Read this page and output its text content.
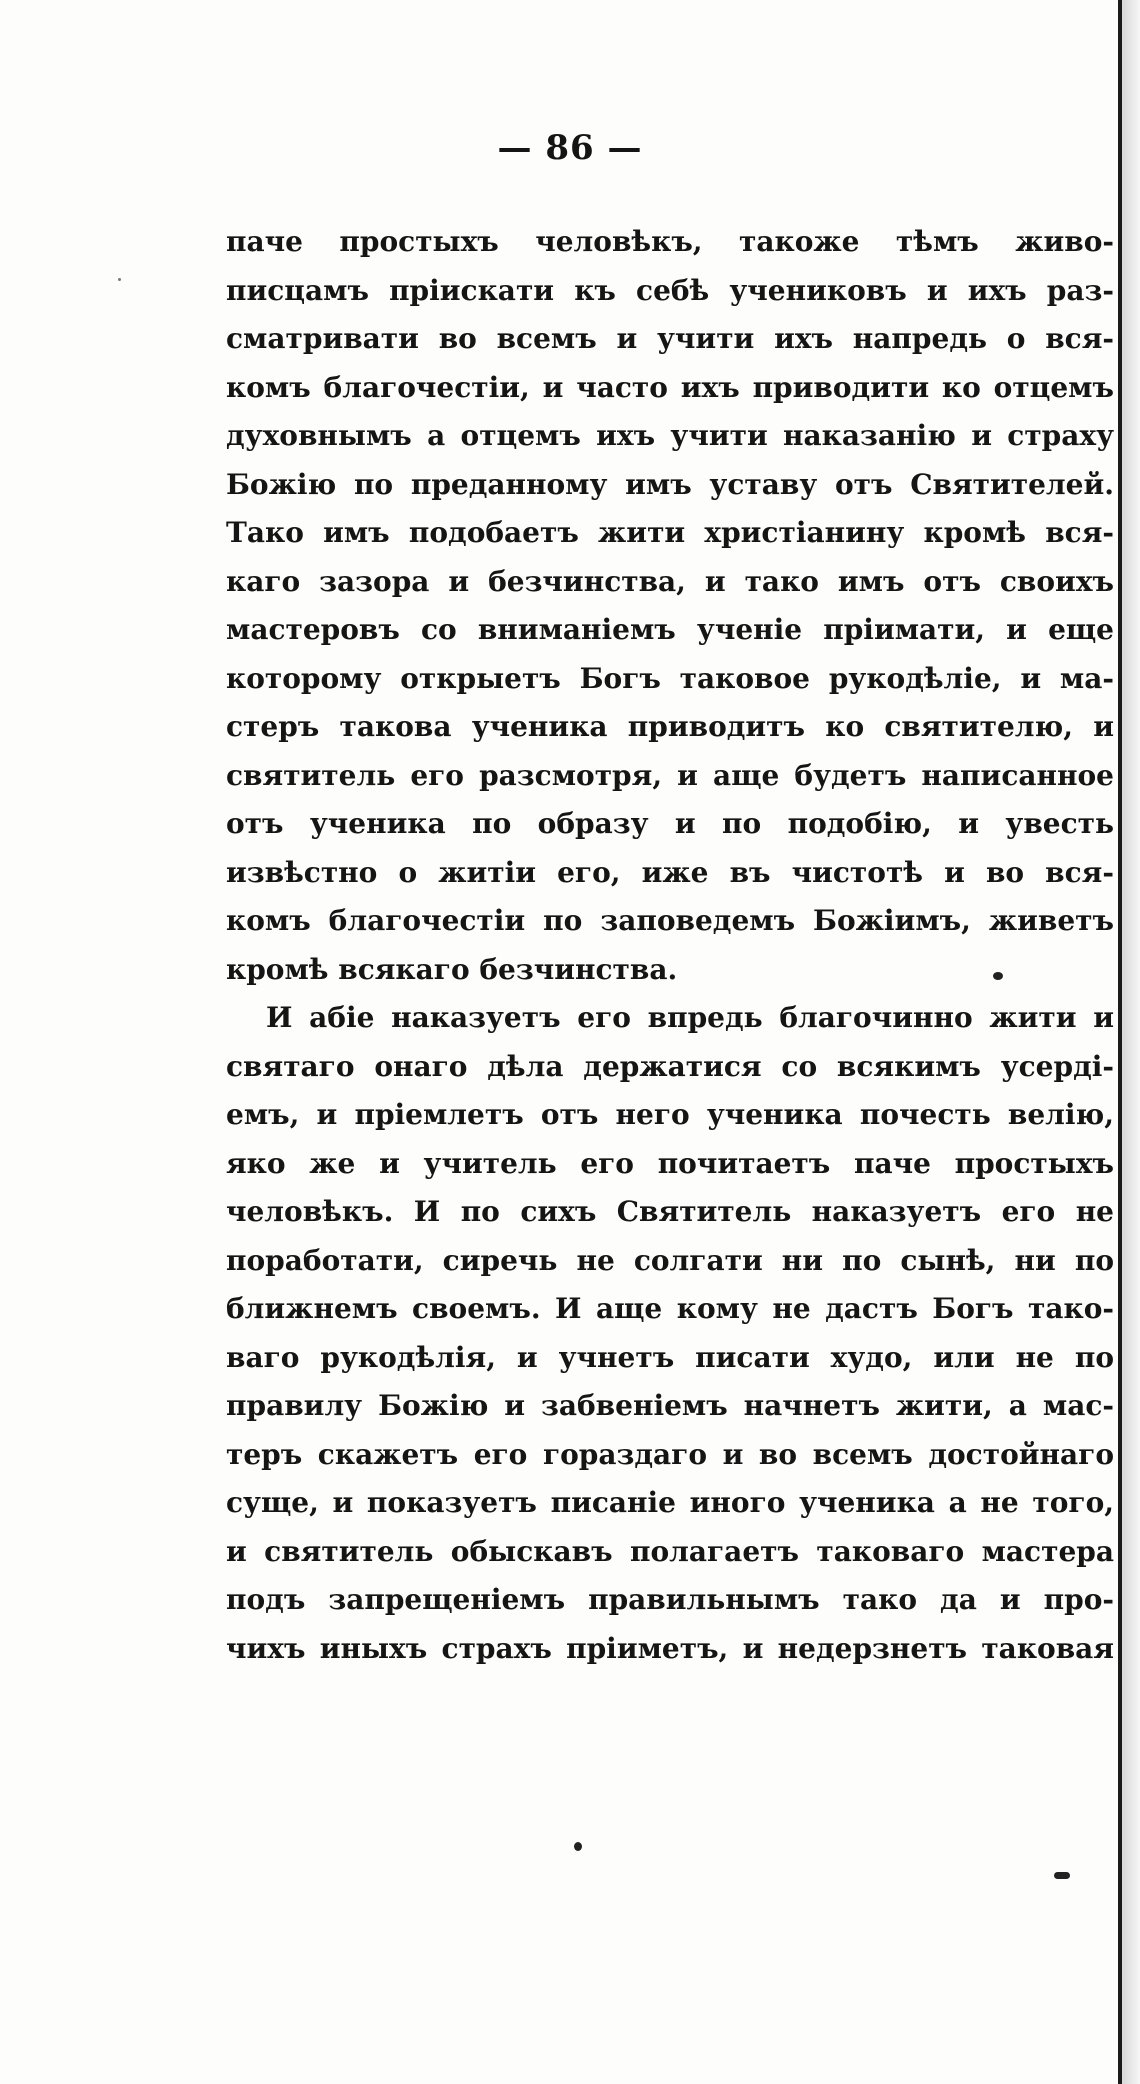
— 86 —
паче простыхъ человѣкъ, такоже тѣмъ живо-
писцамъ пріискати къ себѣ учениковъ и ихъ раз-
сматривати во всемъ и учити ихъ напредь о вся-
комъ благочестіи, и часто ихъ приводити ко отцемъ
духовнымъ а отцемъ ихъ учити наказанію и страху
Божію по преданному имъ уставу отъ Святителей.
Тако имъ подобаетъ жити христіанину кромѣ вся-
каго зазора и безчинства, и тако имъ отъ своихъ
мастеровъ со вниманіемъ ученіе пріимати, и еще
которому открыетъ Богъ таковое рукодѣліе, и ма-
стеръ такова ученика приводитъ ко святителю, и
святитель его разсмотря, и аще будетъ написанное
отъ ученика по образу и по подобію, и увесть
извѣстно о житіи его, иже въ чистотѣ и во вся-
комъ благочестіи по заповедемъ Божіимъ, живетъ
кромѣ всякаго безчинства.
И абіе наказуетъ его впредь благочинно жити и
святаго онаго дѣла держатися со всякимъ усерді-
емъ, и пріемлетъ отъ него ученика почесть велію,
яко же и учитель его почитаетъ паче простыхъ
человѣкъ. И по сихъ Святитель наказуетъ его не
поработати, сиречь не солгати ни по сынѣ, ни по
ближнемъ своемъ. И аще кому не дастъ Богъ тако-
ваго рукодѣлія, и учнетъ писати худо, или не по
правилу Божію и забвеніемъ начнетъ жити, а мас-
теръ скажетъ его гораздаго и во всемъ достойнаго
суще, и показуетъ писаніе иного ученика а не того,
и святитель обыскавъ полагаетъ таковаго мастера
подъ запрещеніемъ правильнымъ тако да и про-
чихъ иныхъ страхъ пріиметъ, и недерзнетъ таковая
